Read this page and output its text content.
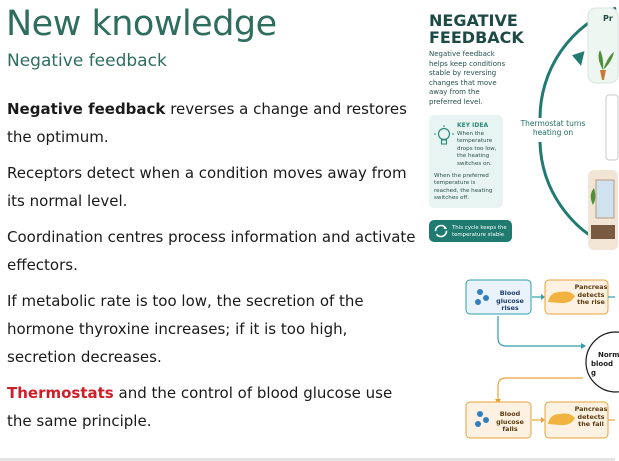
New knowledge
Negative feedback

Negative feedback reverses a change and restores the optimum.

Receptors detect when a condition moves away from its normal level.

Coordination centres process information and activate effectors.

If metabolic rate is too low, the secretion of the hormone thyroxine increases; if it is too high, secretion decreases.

Thermostats and the control of blood glucose use the same principle.

NEGATIVE
FEEDBACK
Negative feedback helps keep conditions stable by reversing changes that move away from the preferred level.
KEY IDEA
When the temperature drops too low, the heating switches on.
When the preferred temperature is reached, the heating switches off.
This cycle keeps the temperature stable
Thermostat turns heating on
Pr
Blood glucose rises
Pancreas detects the rise
Norm
blood g
Blood glucose falls
Pancreas detects the fall
